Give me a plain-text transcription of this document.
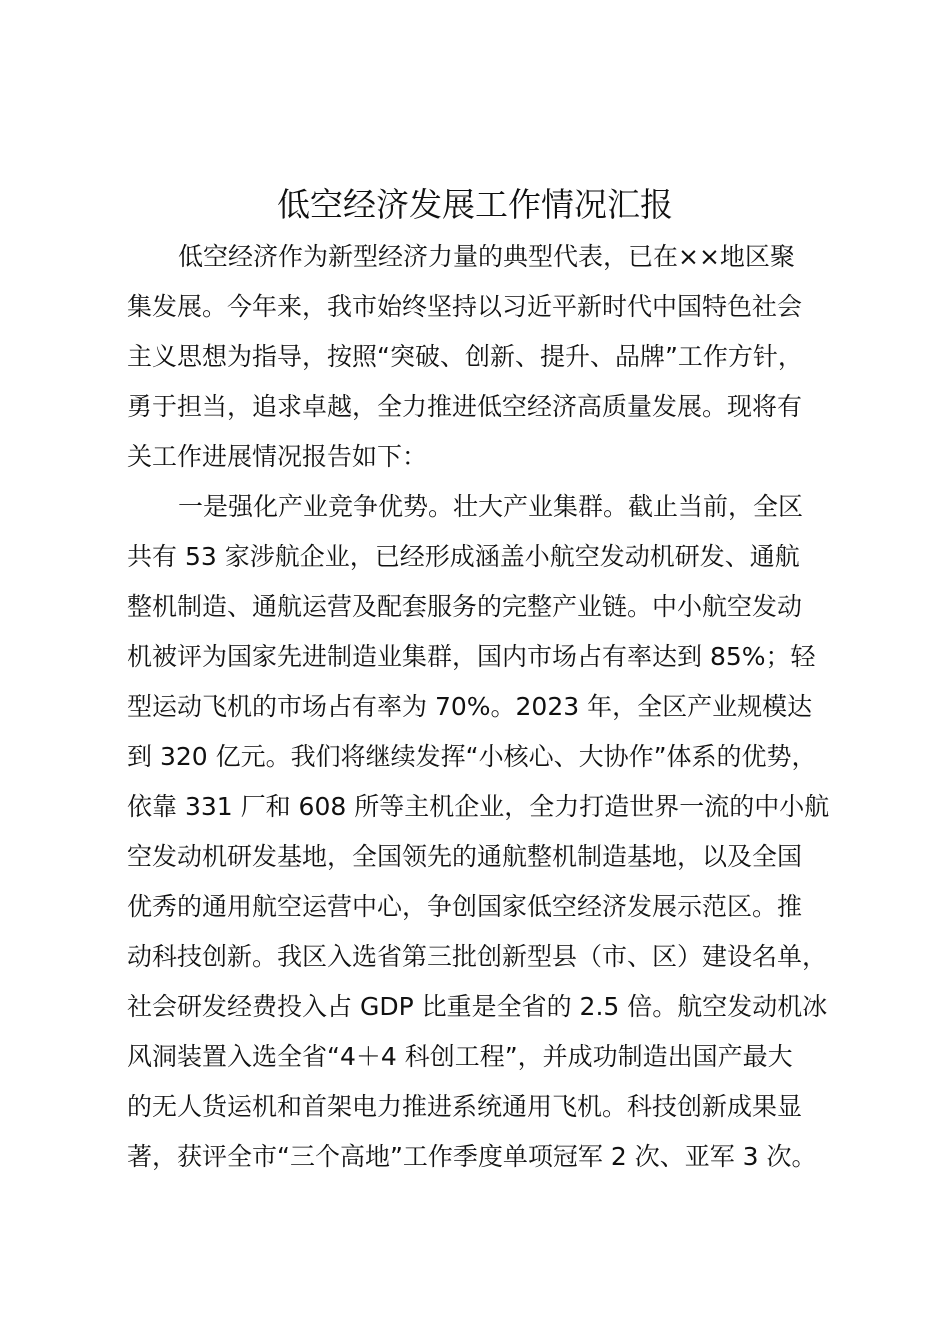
低空经济发展工作情况汇报
低空经济作为新型经济力量的典型代表，已在××地区聚
集发展。今年来，我市始终坚持以习近平新时代中国特色社会
主义思想为指导，按照“突破、创新、提升、品牌”工作方针，
勇于担当，追求卓越，全力推进低空经济高质量发展。现将有
关工作进展情况报告如下：
一是强化产业竞争优势。壮大产业集群。截止当前，全区
共有 53 家涉航企业，已经形成涵盖小航空发动机研发、通航
整机制造、通航运营及配套服务的完整产业链。中小航空发动
机被评为国家先进制造业集群，国内市场占有率达到 85%；轻
型运动飞机的市场占有率为 70%。2023 年，全区产业规模达
到 320 亿元。我们将继续发挥“小核心、大协作”体系的优势，
依靠 331 厂和 608 所等主机企业，全力打造世界一流的中小航
空发动机研发基地，全国领先的通航整机制造基地，以及全国
优秀的通用航空运营中心，争创国家低空经济发展示范区。推
动科技创新。我区入选省第三批创新型县（市、区）建设名单，
社会研发经费投入占 GDP 比重是全省的 2.5 倍。航空发动机冰
风洞装置入选全省“4＋4 科创工程”，并成功制造出国产最大
的无人货运机和首架电力推进系统通用飞机。科技创新成果显
著，获评全市“三个高地”工作季度单项冠军 2 次、亚军 3 次。
